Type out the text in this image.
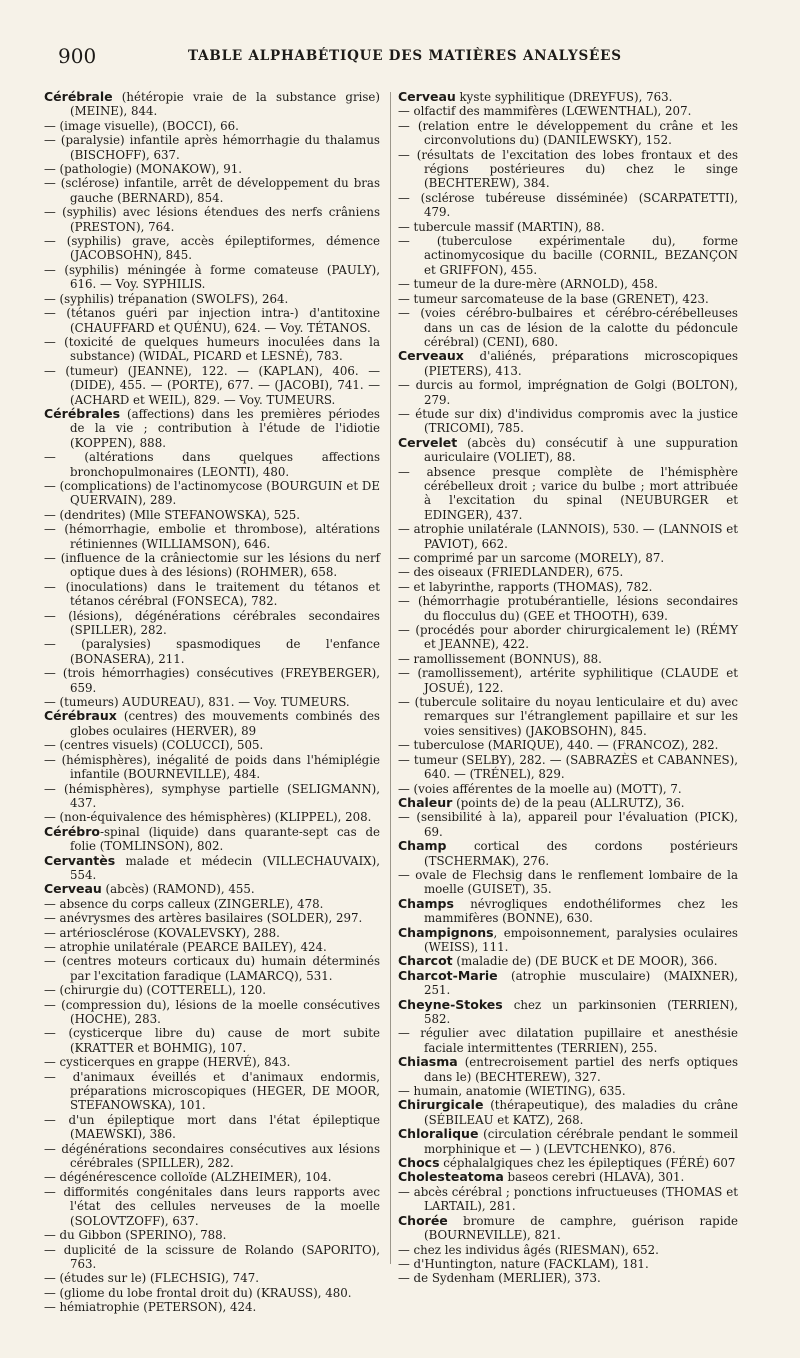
900	TABLE ALPHABÉTIQUE DES MATIÈRES ANALYSÉES
Cérébrale (hétéropie vraie de la substance grise) (MEINE), 844.
— (image visuelle), (BOCCI), 66.
— (paralysie) infantile après hémorrhagie du thalamus (BISCHOFF), 637.
— (pathologie) (MONAKOW), 91.
— (sclérose) infantile, arrêt de développement du bras gauche (BERNARD), 854.
— (syphilis) avec lésions étendues des nerfs crâniens (PRESTON), 764.
— (syphilis) grave, accès épileptiformes, démence (JACOBSOHN), 845.
— (syphilis) méningée à forme comateuse (PAULY), 616. — Voy. SYPHILIS.
— (syphilis) trépanation (SWOLFS), 264.
— (tétanos guéri par injection intra-) d'antitoxine (CHAUFFARD et QUÉNU), 624. — Voy. TÉTANOS.
— (toxicité de quelques humeurs inoculées dans la substance) (WIDAL, PICARD et LESNÉ), 783.
— (tumeur) (JEANNE), 122. — (KAPLAN), 406. — (DIDE), 455. — (PORTE), 677. — (JACOBI), 741. — (ACHARD et WEIL), 829. — Voy. TUMEURS.
Cérébrales (affections) dans les premières périodes de la vie ; contribution à l'étude de l'idiotie (KOPPEN), 888.
— (altérations dans quelques affections bronchopulmonaires (LEONTI), 480.
— (complications) de l'actinomycose (BOURGUIN et DE QUERVAIN), 289.
— (dendrites) (Mlle STEFANOWSKA), 525.
— (hémorrhagie, embolie et thrombose), altérations rétiniennes (WILLIAMSON), 646.
— (influence de la crâniectomie sur les lésions du nerf optique dues à des lésions) (ROHMER), 658.
— (inoculations) dans le traitement du tétanos et tétanos cérébral (FONSECA), 782.
— (lésions), dégénérations cérébrales secondaires (SPILLER), 282.
— (paralysies) spasmodiques de l'enfance (BONASERA), 211.
— (trois hémorrhagies) consécutives (FREYBERGER), 659.
— (tumeurs) AUDUREAU), 831. — Voy. TUMEURS.
Cérébraux (centres) des mouvements combinés des globes oculaires (HERVER), 89
— (centres visuels) (COLUCCI), 505.
— (hémisphères), inégalité de poids dans l'hémiplégie infantile (BOURNEVILLE), 484.
— (hémisphères), symphyse partielle (SELIGMANN), 437.
— (non-équivalence des hémisphères) (KLIPPEL), 208.
Cérébro-spinal (liquide) dans quarante-sept cas de folie (TOMLINSON), 802.
Cervantès malade et médecin (VILLECHAUVAIX), 554.
Cerveau (abcès) (RAMOND), 455.
— absence du corps calleux (ZINGERLE), 478.
— anévrysmes des artères basilaires (SOLDER), 297.
— artériosclérose (KOVALEVSKY), 288.
— atrophie unilatérale (PEARCE BAILEY), 424.
— (centres moteurs corticaux du) humain déterminés par l'excitation faradique (LAMARCQ), 531.
— (chirurgie du) (COTTERELL), 120.
— (compression du), lésions de la moelle consécutives (HOCHE), 283.
— (cysticerque libre du) cause de mort subite (KRATTER et BOHMIG), 107.
— cysticerques en grappe (HERVÉ), 843.
— d'animaux éveillés et d'animaux endormis, préparations microscopiques (HEGER, DE MOOR, STEFANOWSKA), 101.
— d'un épileptique mort dans l'état épileptique (MAEWSKI), 386.
— dégénérations secondaires consécutives aux lésions cérébrales (SPILLER), 282.
— dégénérescence colloïde (ALZHEIMER), 104.
— difformités congénitales dans leurs rapports avec l'état des cellules nerveuses de la moelle (SOLOVTZOFF), 637.
— du Gibbon (SPERINO), 788.
— duplicité de la scissure de Rolando (SAPORITO), 763.
— (études sur le) (FLECHSIG), 747.
— (gliome du lobe frontal droit du) (KRAUSS), 480.
— hémiatrophie (PETERSON), 424.
Cerveau kyste syphilitique (DREYFUS), 763.
— olfactif des mammifères (LŒWENTHAL), 207.
— (relation entre le développement du crâne et les circonvolutions du) (DANILEWSKY), 152.
— (résultats de l'excitation des lobes frontaux et des régions postérieures du) chez le singe (BECHTEREW), 384.
— (sclérose tubéreuse disséminée) (SCARPATETTI), 479.
— tubercule massif (MARTIN), 88.
— (tuberculose expérimentale du), forme actinomycosique du bacille (CORNIL, BEZANÇON et GRIFFON), 455.
— tumeur de la dure-mère (ARNOLD), 458.
— tumeur sarcomateuse de la base (GRENET), 423.
— (voies cérébro-bulbaires et cérébro-cérébelleuses dans un cas de lésion de la calotte du pédoncule cérébral) (CENI), 680.
Cerveaux d'aliénés, préparations microscopiques (PIETERS), 413.
— durcis au formol, imprégnation de Golgi (BOLTON), 279.
— étude sur dix) d'individus compromis avec la justice (TRICOMI), 785.
Cervelet (abcès du) consécutif à une suppuration auriculaire (VOLIET), 88.
— absence presque complète de l'hémisphère cérébelleux droit ; varice du bulbe ; mort attribuée à l'excitation du spinal (NEUBURGER et EDINGER), 437.
— atrophie unilatérale (LANNOIS), 530. — (LANNOIS et PAVIOT), 662.
— comprimé par un sarcome (MORELY), 87.
— des oiseaux (FRIEDLANDER), 675.
— et labyrinthe, rapports (THOMAS), 782.
— (hémorrhagie protubérantielle, lésions secondaires du flocculus du) (GEE et THOOTH), 639.
— (procédés pour aborder chirurgicalement le) (RÉMY et JEANNE), 422.
— ramollissement (BONNUS), 88.
— (ramollissement), artérite syphilitique (CLAUDE et JOSUÉ), 122.
— (tubercule solitaire du noyau lenticulaire et du) avec remarques sur l'étranglement papillaire et sur les voies sensitives) (JAKOBSOHN), 845.
— tuberculose (MARIQUE), 440. — (FRANCOZ), 282.
— tumeur (SELBY), 282. — (SABRAZÈS et CABANNES), 640. — (TRÉNEL), 829.
— (voies afférentes de la moelle au) (MOTT), 7.
Chaleur (points de) de la peau (ALLRUTZ), 36.
— (sensibilité à la), appareil pour l'évaluation (PICK), 69.
Champ cortical des cordons postérieurs (TSCHERMAK), 276.
— ovale de Flechsig dans le renflement lombaire de la moelle (GUISET), 35.
Champs névrogliques endothéliformes chez les mammifères (BONNE), 630.
Champignons, empoisonnement, paralysies oculaires (WEISS), 111.
Charcot (maladie de) (DE BUCK et DE MOOR), 366.
Charcot-Marie (atrophie musculaire) (MAIXNER), 251.
Cheyne-Stokes chez un parkinsonien (TERRIEN), 582.
— régulier avec dilatation pupillaire et anesthésie faciale intermittentes (TERRIEN), 255.
Chiasma (entrecroisement partiel des nerfs optiques dans le) (BECHTEREW), 327.
— humain, anatomie (WIETING), 635.
Chirurgicale (thérapeutique), des maladies du crâne (SÉBILEAU et KATZ), 268.
Chloralique (circulation cérébrale pendant le sommeil morphinique et — ) (LEVTCHENKO), 876.
Chocs céphalalgiques chez les épileptiques (FÉRÉ) 607
Cholesteatoma baseos cerebri (HLAVA), 301.
— abcès cérébral ; ponctions infructueuses (THOMAS et LARTAIL), 281.
Chorée bromure de camphre, guérison rapide (BOURNEVILLE), 821.
— chez les individus âgés (RIESMAN), 652.
— d'Huntington, nature (FACKLAM), 181.
— de Sydenham (MERLIER), 373.
